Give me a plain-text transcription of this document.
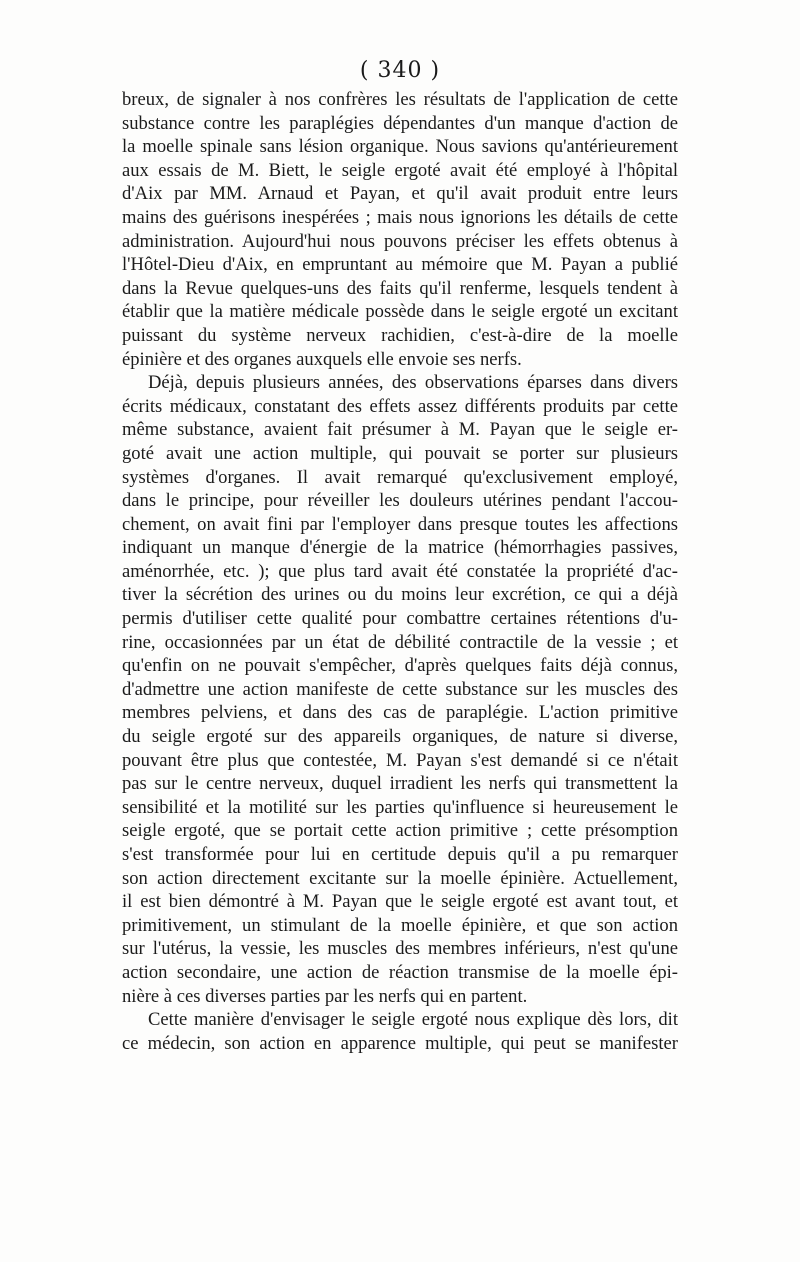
( 340 )
breux, de signaler à nos confrères les résultats de l'application de cette
substance contre les paraplégies dépendantes d'un manque d'action de
la moelle spinale sans lésion organique. Nous savions qu'antérieurement
aux essais de M. Biett, le seigle ergoté avait été employé à l'hôpital
d'Aix par MM. Arnaud et Payan, et qu'il avait produit entre leurs
mains des guérisons inespérées ; mais nous ignorions les détails de cette
administration. Aujourd'hui nous pouvons préciser les effets obtenus à
l'Hôtel-Dieu d'Aix, en empruntant au mémoire que M. Payan a publié
dans la Revue quelques-uns des faits qu'il renferme, lesquels tendent à
établir que la matière médicale possède dans le seigle ergoté un excitant
puissant du système nerveux rachidien, c'est-à-dire de la moelle
épinière et des organes auxquels elle envoie ses nerfs.
Déjà, depuis plusieurs années, des observations éparses dans divers
écrits médicaux, constatant des effets assez différents produits par cette
même substance, avaient fait présumer à M. Payan que le seigle er-
goté avait une action multiple, qui pouvait se porter sur plusieurs
systèmes d'organes. Il avait remarqué qu'exclusivement employé,
dans le principe, pour réveiller les douleurs utérines pendant l'accou-
chement, on avait fini par l'employer dans presque toutes les affections
indiquant un manque d'énergie de la matrice (hémorrhagies passives,
aménorrhée, etc. ); que plus tard avait été constatée la propriété d'ac-
tiver la sécrétion des urines ou du moins leur excrétion, ce qui a déjà
permis d'utiliser cette qualité pour combattre certaines rétentions d'u-
rine, occasionnées par un état de débilité contractile de la vessie ; et
qu'enfin on ne pouvait s'empêcher, d'après quelques faits déjà connus,
d'admettre une action manifeste de cette substance sur les muscles des
membres pelviens, et dans des cas de paraplégie. L'action primitive
du seigle ergoté sur des appareils organiques, de nature si diverse,
pouvant être plus que contestée, M. Payan s'est demandé si ce n'était
pas sur le centre nerveux, duquel irradient les nerfs qui transmettent la
sensibilité et la motilité sur les parties qu'influence si heureusement le
seigle ergoté, que se portait cette action primitive ; cette présomption
s'est transformée pour lui en certitude depuis qu'il a pu remarquer
son action directement excitante sur la moelle épinière. Actuellement,
il est bien démontré à M. Payan que le seigle ergoté est avant tout, et
primitivement, un stimulant de la moelle épinière, et que son action
sur l'utérus, la vessie, les muscles des membres inférieurs, n'est qu'une
action secondaire, une action de réaction transmise de la moelle épi-
nière à ces diverses parties par les nerfs qui en partent.
Cette manière d'envisager le seigle ergoté nous explique dès lors, dit
ce médecin, son action en apparence multiple, qui peut se manifester
